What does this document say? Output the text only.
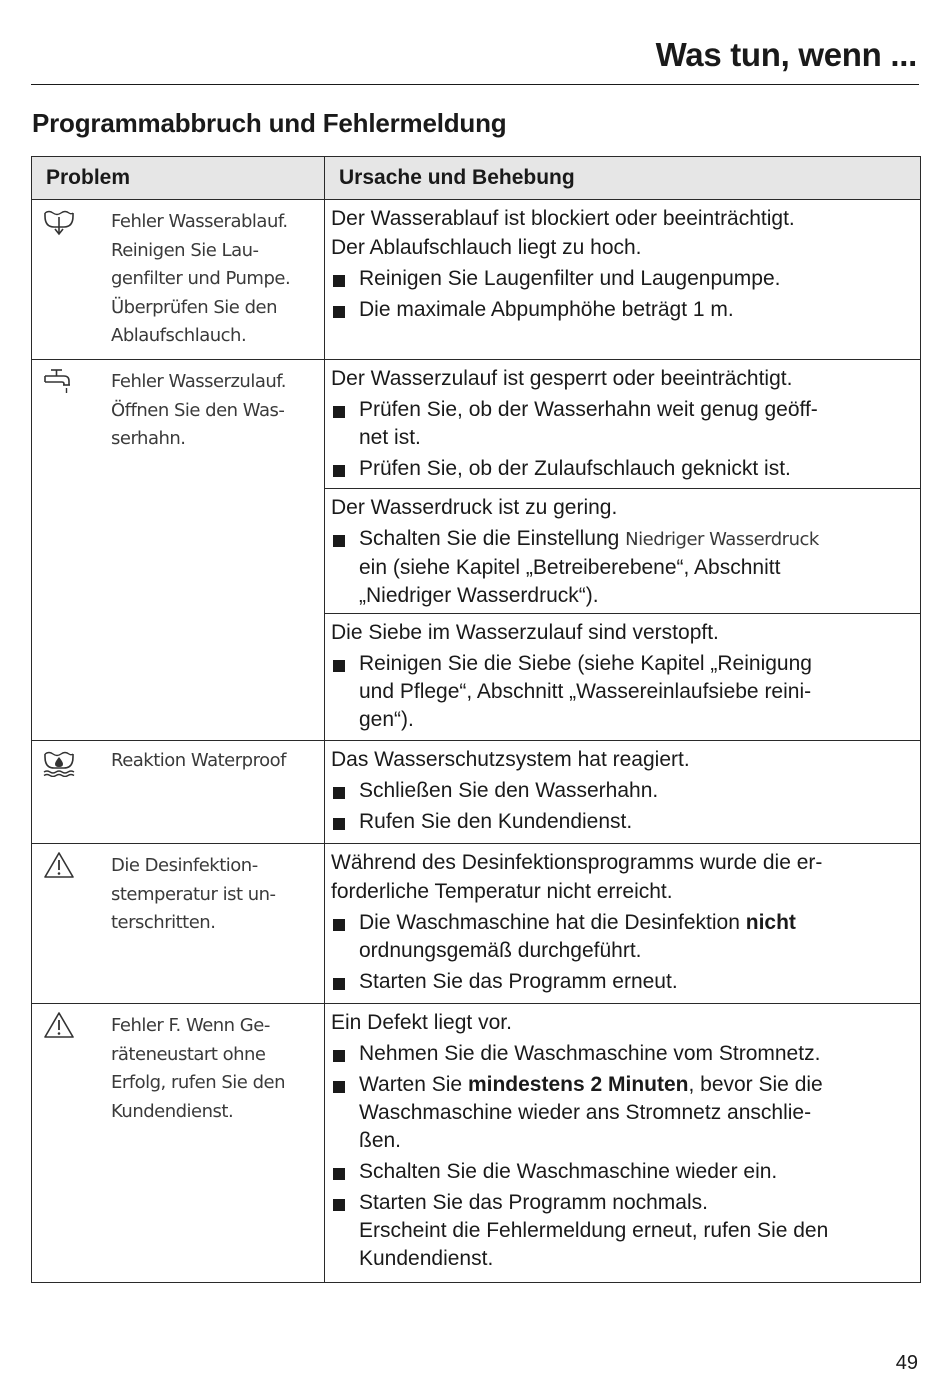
Was tun, wenn ...
Programmabbruch und Fehlermeldung
Problem	Ursache und Behebung
Fehler Wasserablauf.
Reinigen Sie Lau-
genfilter und Pumpe.
Überprüfen Sie den
Ablaufschlauch.
Der Wasserablauf ist blockiert oder beeinträchtigt.
Der Ablaufschlauch liegt zu hoch.
Reinigen Sie Laugenfilter und Laugenpumpe.
Die maximale Abpumphöhe beträgt 1 m.
Fehler Wasserzulauf.
Öffnen Sie den Was-
serhahn.
Der Wasserzulauf ist gesperrt oder beeinträchtigt.
Prüfen Sie, ob der Wasserhahn weit genug geöff-
net ist.
Prüfen Sie, ob der Zulaufschlauch geknickt ist.
Der Wasserdruck ist zu gering.
Schalten Sie die Einstellung Niedriger Wasserdruck
ein (siehe Kapitel „Betreiberebene“, Abschnitt
„Niedriger Wasserdruck“).
Die Siebe im Wasserzulauf sind verstopft.
Reinigen Sie die Siebe (siehe Kapitel „Reinigung
und Pflege“, Abschnitt „Wassereinlaufsiebe reini-
gen“).
Reaktion Waterproof	Das Wasserschutzsystem hat reagiert.
Schließen Sie den Wasserhahn.
Rufen Sie den Kundendienst.
Die Desinfektion-
stemperatur ist un-
terschritten.
Während des Desinfektionsprogramms wurde die er-
forderliche Temperatur nicht erreicht.
Die Waschmaschine hat die Desinfektion nicht
ordnungsgemäß durchgeführt.
Starten Sie das Programm erneut.
Fehler F. Wenn Ge-
räteneustart ohne
Erfolg, rufen Sie den
Kundendienst.
Ein Defekt liegt vor.
Nehmen Sie die Waschmaschine vom Stromnetz.
Warten Sie mindestens 2 Minuten, bevor Sie die
Waschmaschine wieder ans Stromnetz anschlie-
ßen.
Schalten Sie die Waschmaschine wieder ein.
Starten Sie das Programm nochmals.
Erscheint die Fehlermeldung erneut, rufen Sie den
Kundendienst.
49
